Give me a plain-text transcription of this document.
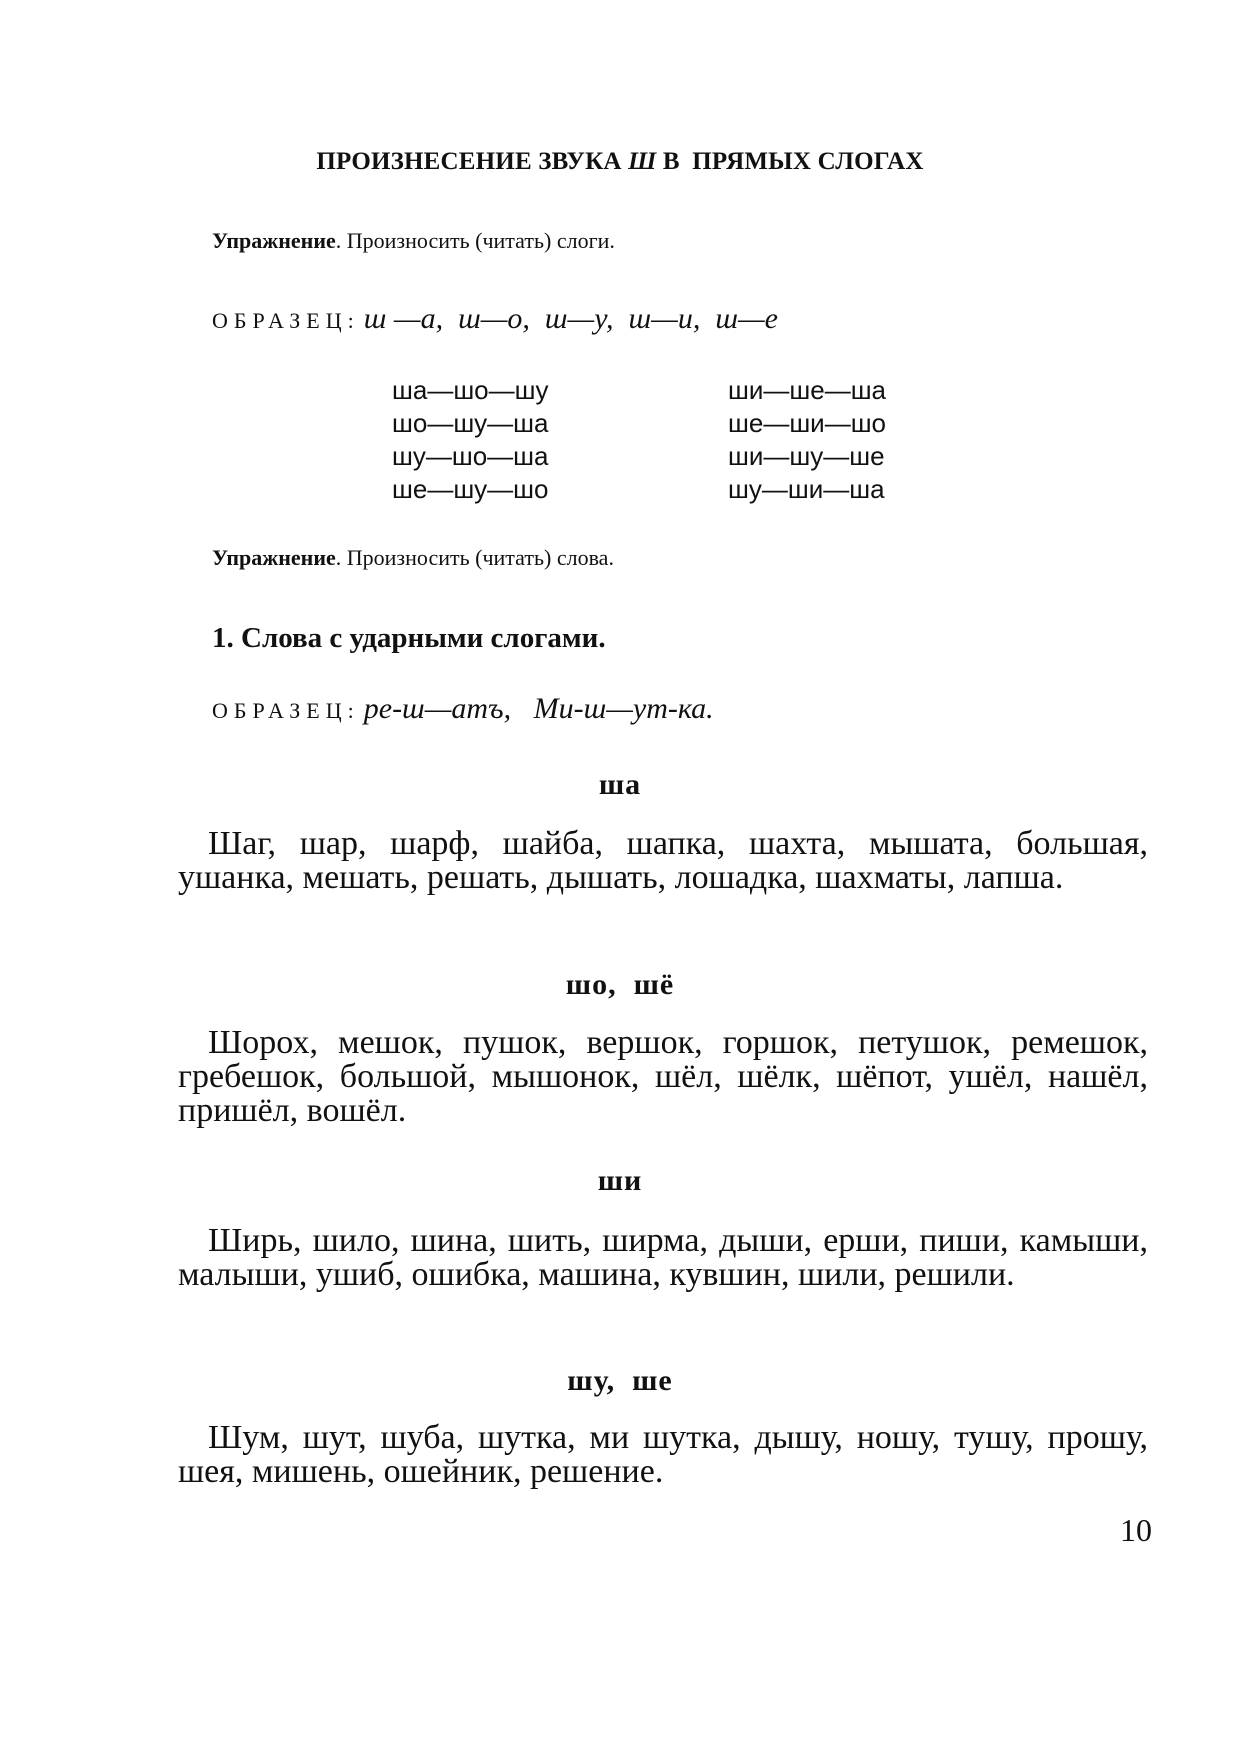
ПРОИЗНЕСЕНИЕ ЗВУКА Ш В ПРЯМЫХ СЛОГАХ
Упражнение. Произносить (читать) слоги.
ОБРАЗЕЦ: ш —а,  ш—о,  ш—у,  ш—и,  ш—е
ша—шо—шу
шо—шу—ша
шу—шо—ша
ше—шу—шо
ши—ше—ша
ше—ши—шо
ши—шу—ше
шу—ши—ша
Упражнение. Произносить (читать) слова.
1. Слова с ударными слогами.
ОБРАЗЕЦ: ре-ш—атъ,   Ми-ш—ут-ка.
ша
Шаг, шар, шарф, шайба, шапка, шахта, мышата, большая, ушанка, мешать, решать, дышать, лошадка, шахматы, лапша.
шо,  шё
Шорох, мешок, пушок, вершок, горшок, петушок, ремешок, гребешок, большой, мышонок, шёл, шёлк, шёпот, ушёл, нашёл, пришёл, вошёл.
ши
Ширь, шило, шина, шить, ширма, дыши, ерши, пиши, камыши, малыши, ушиб, ошибка, машина, кувшин, шили, решили.
шу,  ше
Шум, шут, шуба, шутка, ми шутка, дышу, ношу, тушу, прошу, шея, мишень, ошейник, решение.
10
